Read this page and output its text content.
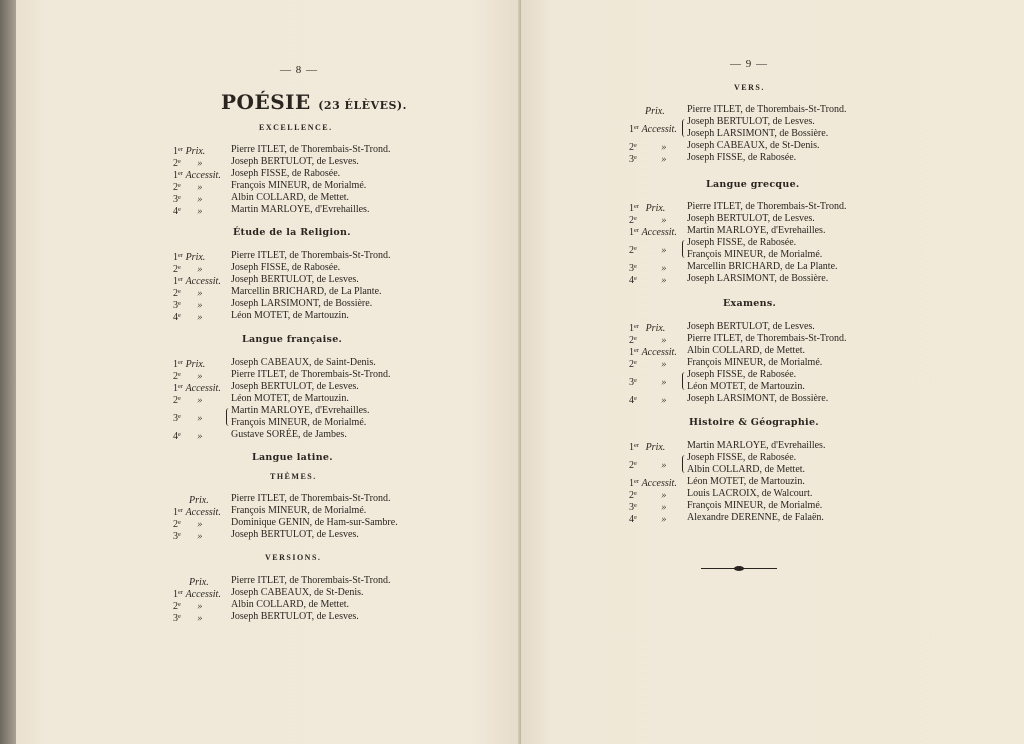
— 8 —
POÉSIE (23 ÉLÈVES).
EXCELLENCE.
1er Prix.	Pierre ITLET, de Thorembais-St-Trond.
2e »	Joseph BERTULOT, de Lesves.
1er Accessit.	Joseph FISSE, de Rabosée.
2e »	François MINEUR, de Morialmé.
3e »	Albin COLLARD, de Mettet.
4e »	Martin MARLOYE, d'Evrehailles.
Étude de la Religion.
1er Prix.	Pierre ITLET, de Thorembais-St-Trond.
2e »	Joseph FISSE, de Rabosée.
1er Accessit.	Joseph BERTULOT, de Lesves.
2e »	Marcellin BRICHARD, de La Plante.
3e »	Joseph LARSIMONT, de Bossière.
4e »	Léon MOTET, de Martouzin.
Langue française.
1er Prix.	Joseph CABEAUX, de Saint-Denis.
2e »	Pierre ITLET, de Thorembais-St-Trond.
1er Accessit.	Joseph BERTULOT, de Lesves.
2e »	Léon MOTET, de Martouzin.
3e »
Martin MARLOYE, d'Evrehailles.
François MINEUR, de Morialmé.
4e »	Gustave SORÉE, de Jambes.
Langue latine.
THÈMES.
Prix.	Pierre ITLET, de Thorembais-St-Trond.
1er Accessit.	François MINEUR, de Morialmé.
2e »	Dominique GENIN, de Ham-sur-Sambre.
3e »	Joseph BERTULOT, de Lesves.
VERSIONS.
Prix.	Pierre ITLET, de Thorembais-St-Trond.
1er Accessit.	Joseph CABEAUX, de St-Denis.
2e »	Albin COLLARD, de Mettet.
3e »	Joseph BERTULOT, de Lesves.
— 9 —
VERS.
Prix.	Pierre ITLET, de Thorembais-St-Trond.
1er Accessit.
Joseph BERTULOT, de Lesves.
Joseph LARSIMONT, de Bossière.
2e »	Joseph CABEAUX, de St-Denis.
3e »	Joseph FISSE, de Rabosée.
Langue grecque.
1er Prix.	Pierre ITLET, de Thorembais-St-Trond.
2e »	Joseph BERTULOT, de Lesves.
1er Accessit.	Martin MARLOYE, d'Evrehailles.
2e »
Joseph FISSE, de Rabosée.
François MINEUR, de Morialmé.
3e »	Marcellin BRICHARD, de La Plante.
4e »	Joseph LARSIMONT, de Bossière.
Examens.
1er Prix.	Joseph BERTULOT, de Lesves.
2e »	Pierre ITLET, de Thorembais-St-Trond.
1er Accessit.	Albin COLLARD, de Mettet.
2e »	François MINEUR, de Morialmé.
3e »
Joseph FISSE, de Rabosée.
Léon MOTET, de Martouzin.
4e »	Joseph LARSIMONT, de Bossière.
Histoire & Géographie.
1er Prix.	Martin MARLOYE, d'Evrehailles.
2e »
Joseph FISSE, de Rabosée.
Albin COLLARD, de Mettet.
1er Accessit.	Léon MOTET, de Martouzin.
2e »	Louis LACROIX, de Walcourt.
3e »	François MINEUR, de Morialmé.
4e »	Alexandre DERENNE, de Falaën.
